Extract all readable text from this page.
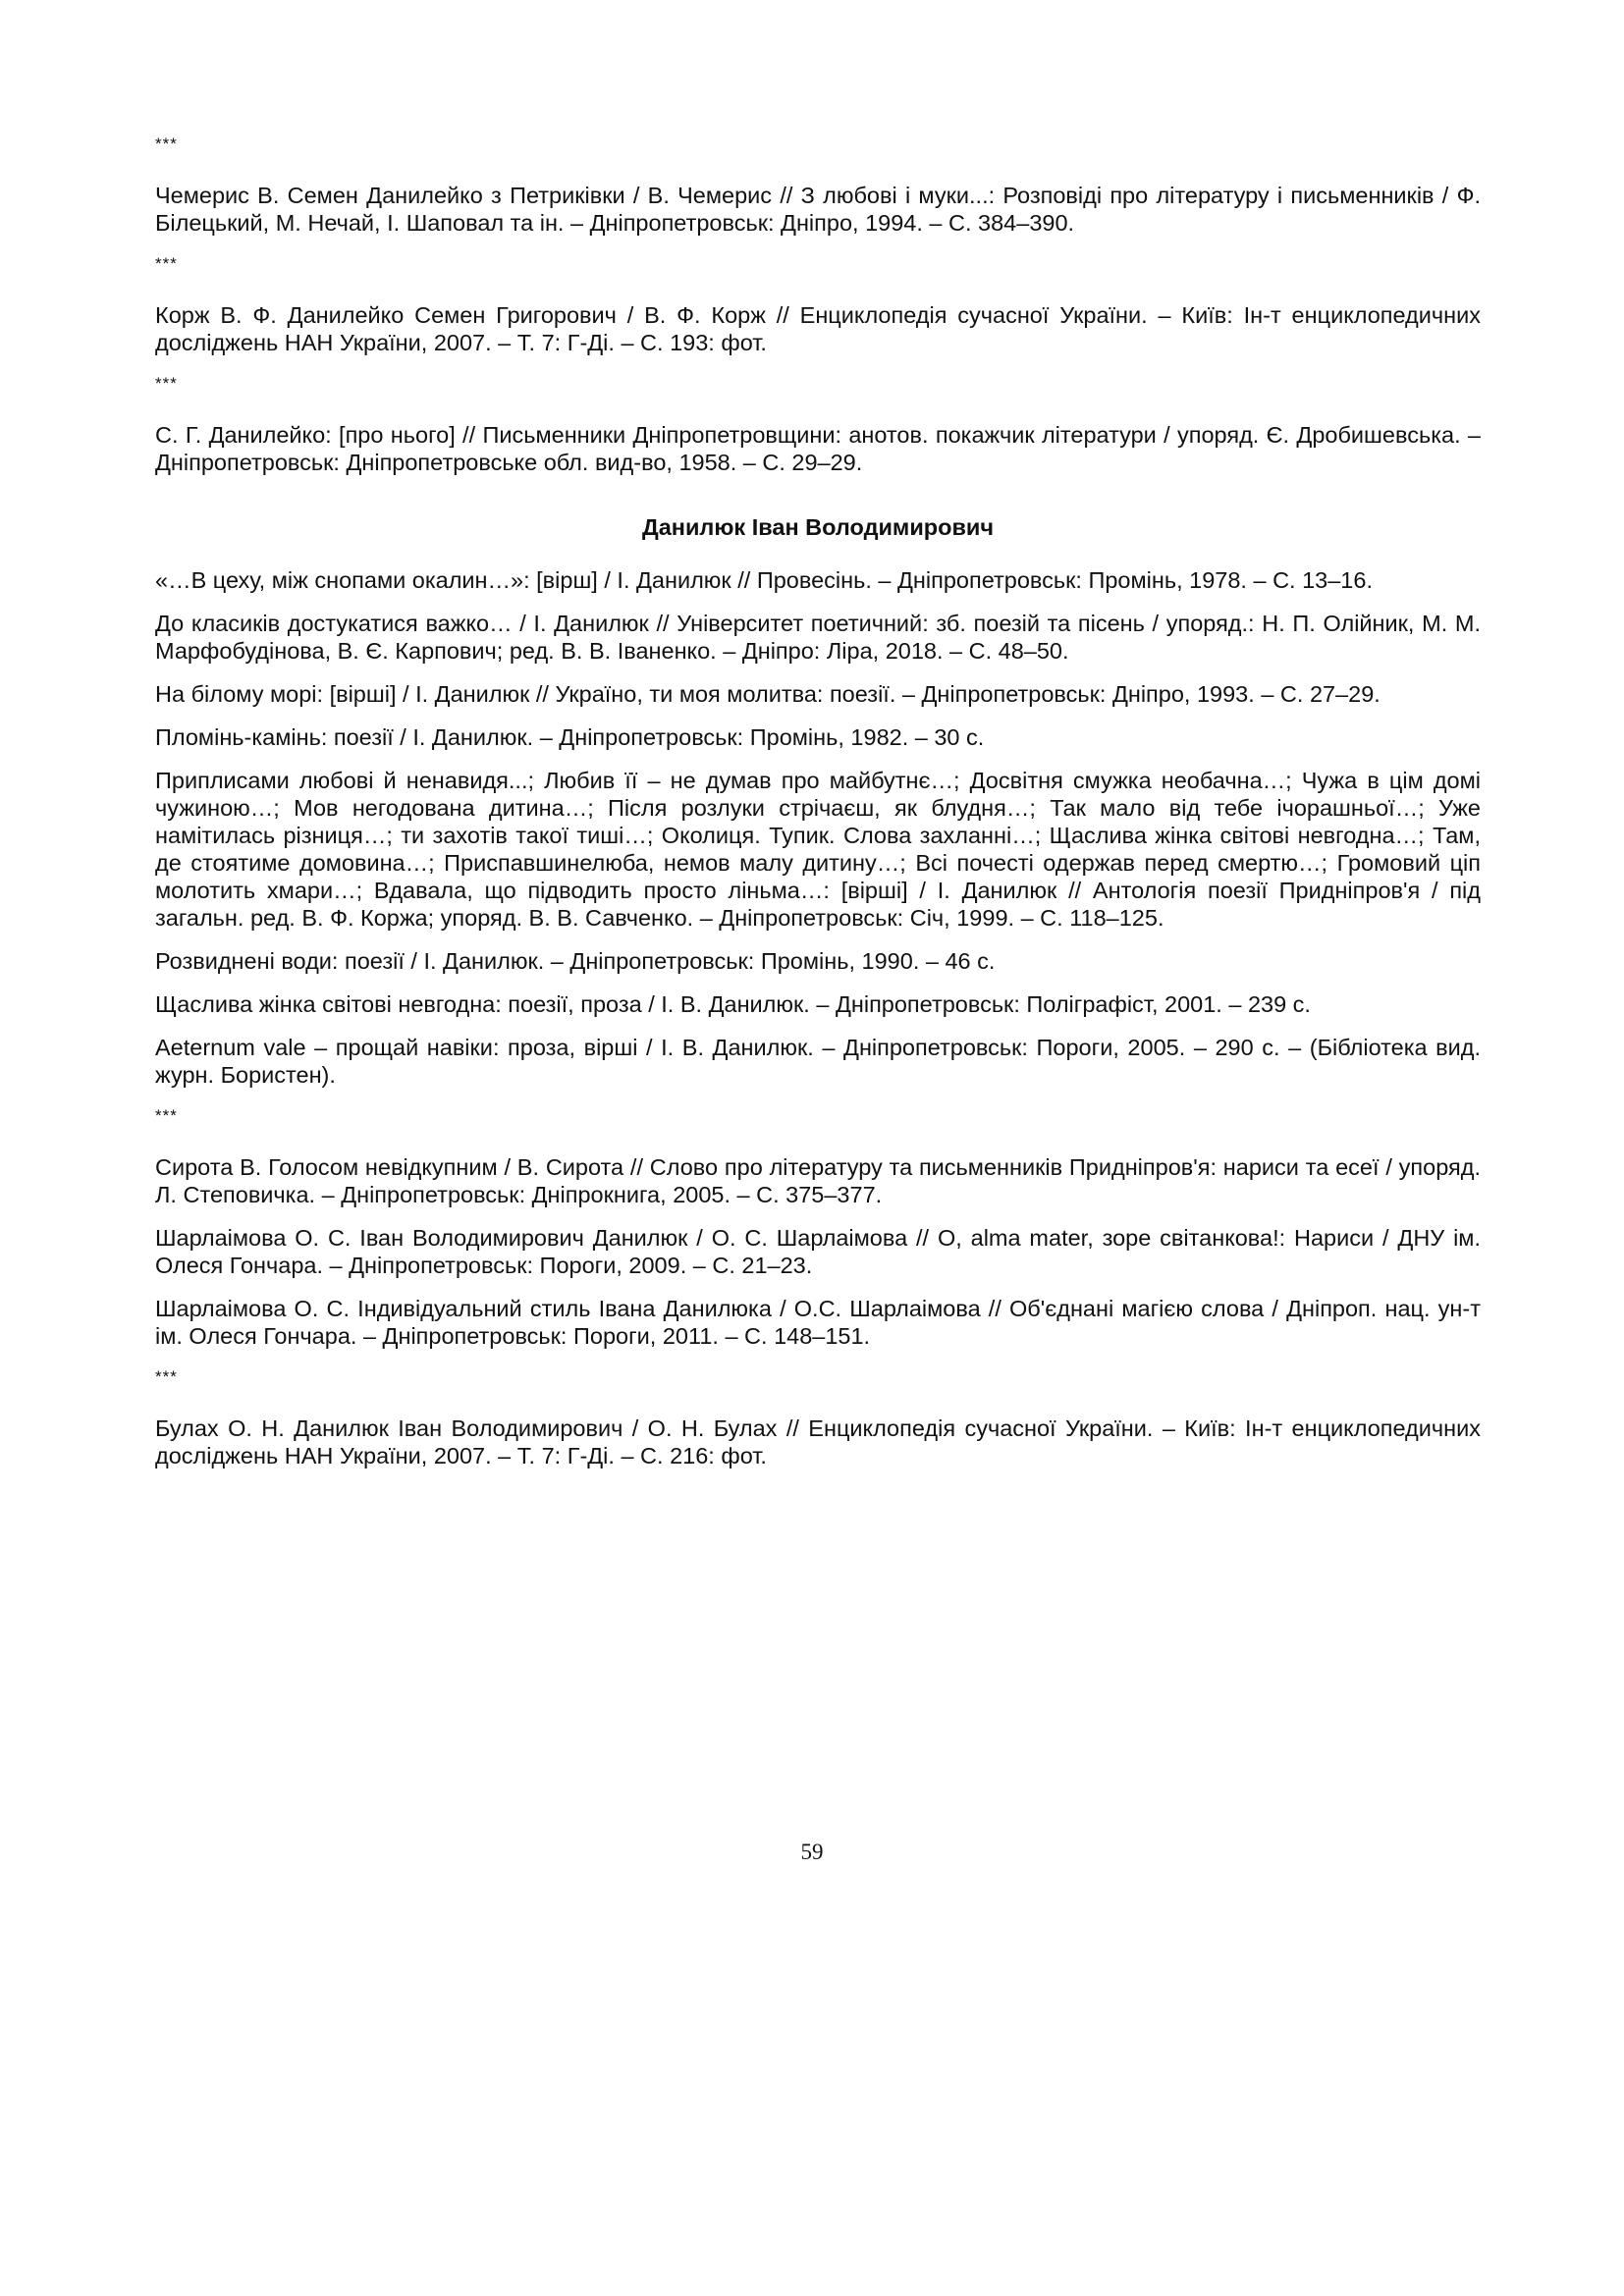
***

Чемерис В. Семен Данилейко з Петриківки / В. Чемерис // З любові і муки...: Розповіді про літературу і письменників / Ф. Білецький, М. Нечай, І. Шаповал та ін. – Дніпропетровськ: Дніпро, 1994. – С. 384–390.

***

Корж В. Ф. Данилейко Семен Григорович / В. Ф. Корж // Енциклопедія сучасної України. – Київ: Ін-т енциклопедичних досліджень НАН України, 2007. – Т. 7: Г-Ді. – С. 193: фот.

***

С. Г. Данилейко: [про нього] // Письменники Дніпропетровщини: анотов. покажчик літератури / упоряд. Є. Дробишевська. – Дніпропетровськ: Дніпропетровське обл. вид-во, 1958. – С. 29–29.

Данилюк Іван Володимирович

«…В цеху, між снопами окалин…»: [вірш] / І. Данилюк // Провесінь. – Дніпропетровськ: Промінь, 1978. – С. 13–16.

До класиків достукатися важко… / І. Данилюк // Університет поетичний: зб. поезій та пісень / упоряд.: Н. П. Олійник, М. М. Марфобудінова, В. Є. Карпович; ред. В. В. Іваненко. – Дніпро: Ліра, 2018. – С. 48–50.

На білому морі: [вірші] / І. Данилюк // Україно, ти моя молитва: поезії. – Дніпропетровськ: Дніпро, 1993. – С. 27–29.

Пломінь-камінь: поезії / І. Данилюк. – Дніпропетровськ: Промінь, 1982. – 30 с.

Приплисами любові й ненавидя...; Любив її – не думав про майбутнє…; Досвітня смужка необачна…; Чужа в цім домі чужиною…; Мов негодована дитина…; Після розлуки стрічаєш, як блудня…; Так мало від тебе ічорашньої…; Уже намітилась різниця…; ти захотів такої тиші…; Околиця. Тупик. Слова захланні…; Щаслива жінка світові невгодна…; Там, де стоятиме домовина…; Приспавшинелюба, немов малу дитину…; Всі почесті одержав перед смертю…; Громовий ціп молотить хмари…; Вдавала, що підводить просто ліньма…: [вірші] / І. Данилюк // Антологія поезії Придніпров'я / під загальн. ред. В. Ф. Коржа; упоряд. В. В. Савченко. – Дніпропетровськ: Січ, 1999. – С. 118–125.

Розвиднені води: поезії / І. Данилюк. – Дніпропетровськ: Промінь, 1990. – 46 с.

Щаслива жінка світові невгодна: поезії, проза / І. В. Данилюк. – Дніпропетровськ: Поліграфіст, 2001. – 239 с.

Aeternum vale – прощай навіки: проза, вірші / І. В. Данилюк. – Дніпропетровськ: Пороги, 2005. – 290 с. – (Бібліотека вид. журн. Бористен).

***

Сирота В. Голосом невідкупним / В. Сирота // Слово про літературу та письменників Придніпров'я: нариси та есеї / упоряд. Л. Степовичка. – Дніпропетровськ: Дніпрокнига, 2005. – С. 375–377.

Шарлаімова О. С. Іван Володимирович Данилюк / О. С. Шарлаімова // О, alma mater, зоре світанкова!: Нариси / ДНУ ім. Олеся Гончара. – Дніпропетровськ: Пороги, 2009. – С. 21–23.

Шарлаімова О. С. Індивідуальний стиль Івана Данилюка / О.С. Шарлаімова // Об'єднані магією слова / Дніпроп. нац. ун-т ім. Олеся Гончара. – Дніпропетровськ: Пороги, 2011. – С. 148–151.

***

Булах О. Н. Данилюк Іван Володимирович / О. Н. Булах // Енциклопедія сучасної України. – Київ: Ін-т енциклопедичних досліджень НАН України, 2007. – Т. 7: Г-Ді. – С. 216: фот.

59
